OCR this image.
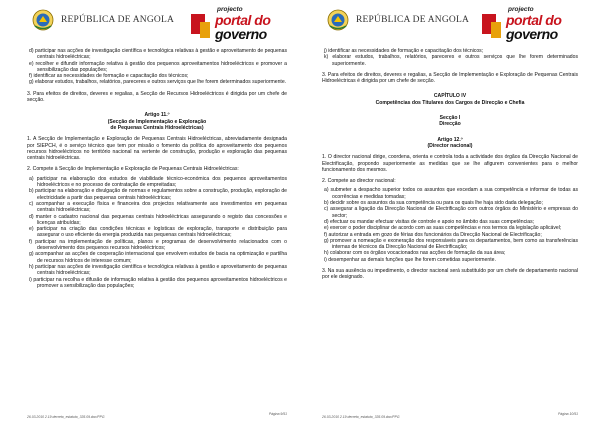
REPÚBLICA DE ANGOLA
projecto
portal do
governo

d) participar nas acções de investigação científica e tecnológica relativas à gestão e aproveitamento de pequenas centrais hidroeléctricas;

e) recolher e difundir informação relativa à gestão dos pequenos aproveitamentos hidroeléctricos e promover a sensibilização das populações;

f) identificar as necessidades de formação e capacitação dos técnicos;

g) elaborar estudos, trabalhos, relatórios, pareceres e outros serviços que lhe forem determinados superiormente.

3. Para efeitos de direitos, deveres e regalias, a Secção de Recursos Hidroeléctricos é dirigida por um chefe de secção.

Artigo 11.º

(Secção de Implementação e Exploração

de Pequenas Centrais Hidroeléctricas)

1. A Secção de Implementação e Exploração de Pequenas Centrais Hidroeléctricas, abreviadamente designada por SIEPCH, é o serviço técnico que tem por missão o fomento da política do aproveitamento dos pequenos recursos hidroeléctricos no território nacional na vertente de construção, produção e exploração das pequenas centrais hidroeléctricas.

2. Compete à Secção de Implementação e Exploração de Pequenas Centrais Hidroeléctricas:

a) participar na elaboração dos estudos de viabilidade técnico-económica dos pequenos aproveitamentos hidroeléctricos e no processo de contratação de empreitadas;

b) participar na elaboração e divulgação de normas e regulamentos sobre a construção, produção, exploração de electricidade a partir das pequenas centrais hidroeléctricas;

c) acompanhar a execução física e financeira dos projectos relativamente aos investimentos em pequenas centrais hidroeléctricas;

d) manter o cadastro nacional das pequenas centrais hidroeléctricas assegurando o registo das concessões e licenças atribuídas;

e) participar na criação das condições técnicas e logísticas de exploração, transporte e distribuição para assegurar o uso eficiente da energia produzida nas pequenas centrais hidroeléctricas;

f) participar na implementação de políticas, planos e programas de desenvolvimento relacionados com o desenvolvimento dos pequenos recursos hidroeléctricos;

g) acompanhar as acções de cooperação internacional que envolvem estudos de bacia na optimização e partilha de recursos hídricos de interesse comum;

h) participar nas acções de investigação científica e tecnológica relativas à gestão e aproveitamento de pequenas centrais hidroeléctricas;

i) participar na recolha e difusão de informação relativa à gestão dos pequenos aproveitamentos hidroeléctricos e promover a sensibilização das populações;

Página 9/51
26.03.2010 2.19 decreto_estatuto_335.09.doc/PPG
REPÚBLICA DE ANGOLA
projecto
portal do
governo

j) identificar as necessidades de formação e capacitação dos técnicos;

k) elaborar estudos, trabalhos, relatórios, pareceres e outros serviços que lhe forem determinados superiormente.

3. Para efeitos de direitos, deveres e regalias, a Secção de Implementação e Exploração de Pequenas Centrais Hidroeléctricas é dirigida por um chefe de secção.

CAPÍTULO IV

Competências dos Titulares dos Cargos de Direcção e Chefia

Secção I

Direcção

Artigo 12.º

(Director nacional)

1. O director nacional dirige, coordena, orienta e controla toda a actividade dos órgãos da Direcção Nacional de Electrificação, propondo superiormente as medidas que se lhe afigurem convenientes para o melhor funcionamento dos mesmos.

2. Compete ao director nacional:

a) submeter a despacho superior todos os assuntos que excedam a sua competência e informar de todas as ocorrências e medidas tomadas;

b) decidir sobre os assuntos da sua competência ou para os quais lhe haja sido dada delegação;

c) assegurar a ligação da Direcção Nacional de Electrificação com outros órgãos do Ministério e empresas do sector;

d) efectuar ou mandar efectuar visitas de controle e apoio no âmbito das suas competências;

e) exercer o poder disciplinar de acordo com as suas competências e nos termos da legislação aplicável;

f) autorizar a entrada em gozo de férias dos funcionários da Direcção Nacional de Electrificação;

g) promover a nomeação e exoneração dos responsáveis para os departamentos, bem como as transferências internas de técnicos da Direcção Nacional de Electrificação;

h) colaborar com os órgãos vocacionados nas acções de formação da sua área;

i) desempenhar as demais funções que lhe forem cometidas superiormente.

3. Na sua ausência ou impedimento, o director nacional será substituído por um chefe de departamento nacional por ele designado.

Página 10/51
26.03.2010 2.19 decreto_estatuto_335.09.doc/PPG
